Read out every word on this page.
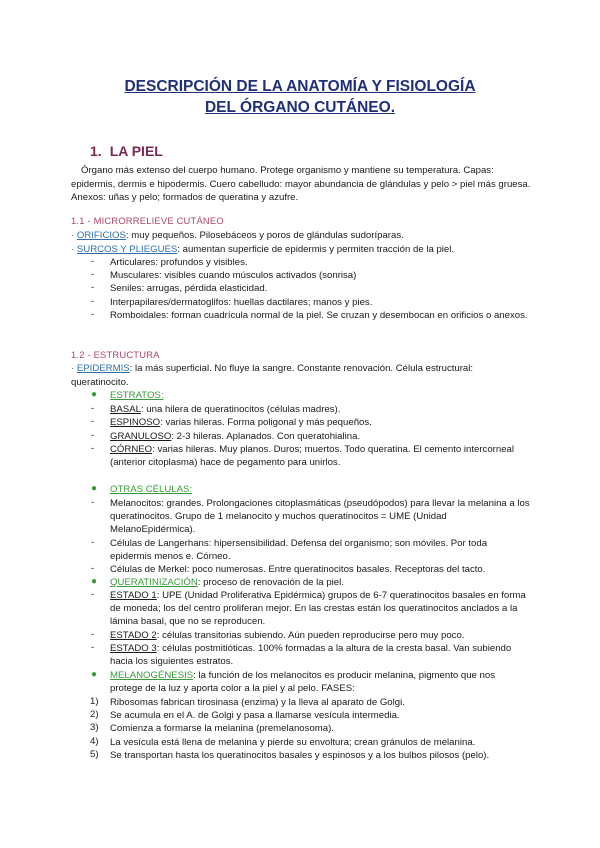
DESCRIPCIÓN DE LA ANATOMÍA Y FISIOLOGÍA

DEL ÓRGANO CUTÁNEO.

1. LA PIEL

Órgano más extenso del cuerpo humano. Protege organismo y mantiene su temperatura. Capas: epidermis, dermis e hipodermis. Cuero cabelludo: mayor abundancia de glándulas y pelo > piel más gruesa. Anexos: uñas y pelo; formados de queratina y azufre.

1.1 - MICRORRELIEVE CUTÁNEO

· ORIFICIOS: muy pequeños. Pilosebáceos y poros de glándulas sudoríparas.

· SURCOS Y PLIEGUES: aumentan superficie de epidermis y permiten tracción de la piel.

- Articulares: profundos y visibles.

- Musculares: visibles cuando músculos activados (sonrisa)

- Seniles: arrugas, pérdida elasticidad.

- Interpapilares/dermatoglifos: huellas dactilares; manos y pies.

- Romboidales: forman cuadrícula normal de la piel. Se cruzan y desembocan en orificios o anexos.

1.2 - ESTRUCTURA

· EPIDERMIS: la más superficial. No fluye la sangre. Constante renovación. Célula estructural: queratinocito.

● ESTRATOS:

- BASAL: una hilera de queratinocitos (células madres).

- ESPINOSO: varias hileras. Forma poligonal y más pequeños.

- GRANULOSO: 2-3 hileras. Aplanados. Con queratohialina.

- CÓRNEO: varias hileras. Muy planos. Duros; muertos. Todo queratina. El cemento intercorneal (anterior citoplasma) hace de pegamento para unirlos.

● OTRAS CÉLULAS:

- Melanocitos: grandes. Prolongaciones citoplasmáticas (pseudópodos) para llevar la melanina a los queratinocitos. Grupo de 1 melanocito y muchos queratinocitos = UME (Unidad MelanoEpidérmica).

- Células de Langerhans: hipersensibilidad. Defensa del organismo; son móviles. Por toda epidermis menos e. Córneo.

- Células de Merkel: poco numerosas. Entre queratinocitos basales. Receptoras del tacto.

● QUERATINIZACIÓN: proceso de renovación de la piel.

- ESTADO 1: UPE (Unidad Proliferativa Epidérmica) grupos de 6-7 queratinocitos basales en forma de moneda; los del centro proliferan mejor. En las crestas están los queratinocitos anclados a la lámina basal, que no se reproducen.

- ESTADO 2: células transitorias subiendo. Aún pueden reproducirse pero muy poco.

- ESTADO 3: células postmitióticas. 100% formadas a la altura de la cresta basal. Van subiendo hacia los siguientes estratos.

● MELANOGÉNESIS: la función de los melanocitos es producir melanina, pigmento que nos protege de la luz y aporta color a la piel y al pelo. FASES:

1) Ribosomas fabrican tirosinasa (enzima) y la lleva al aparato de Golgi.

2) Se acumula en el A. de Golgi y pasa a llamarse vesícula intermedia.

3) Comienza a formarse la melanina (premelanosoma).

4) La vesícula está llena de melanina y pierde su envoltura; crean gránulos de melanina.

5) Se transportan hasta los queratinocitos basales y espinosos y a los bulbos pilosos (pelo).
